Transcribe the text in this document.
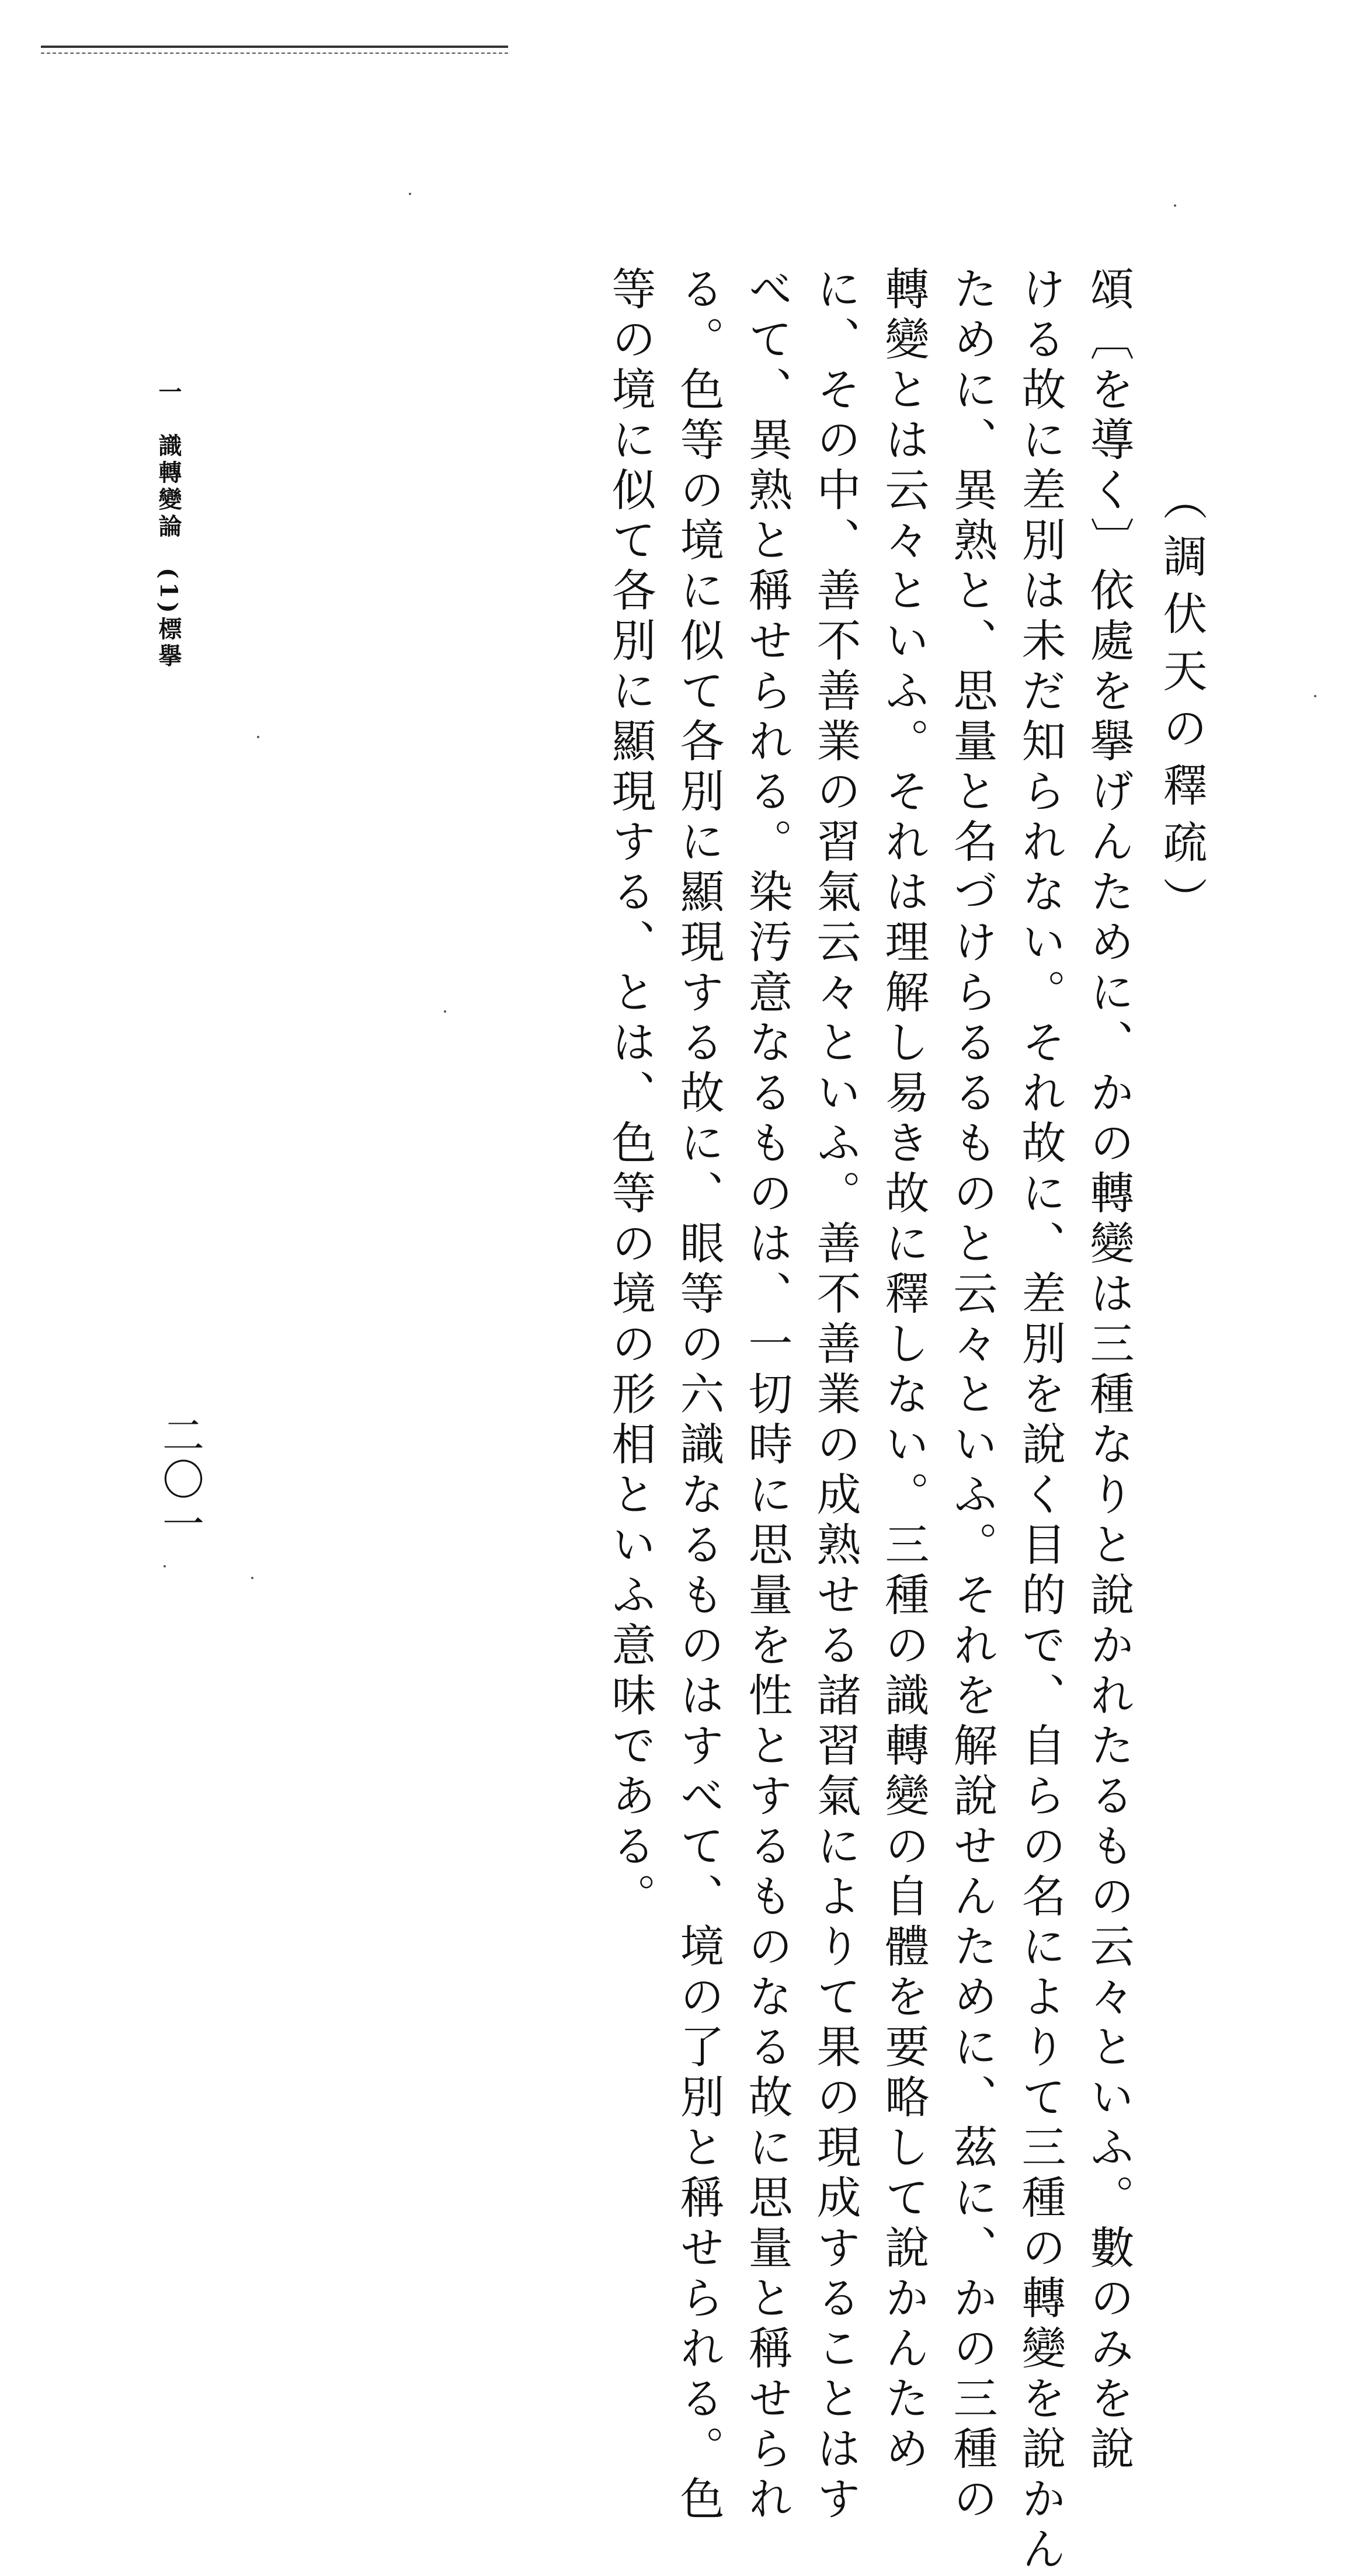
（調伏天の釋疏）
頌〔を導く〕依處を擧げんために、かの轉變は三種なりと說かれたるもの云々といふ。數のみを說
ける故に差別は未だ知られない。それ故に、差別を說く目的で、自らの名によりて三種の轉變を說かん
ために、異熟と、思量と名づけらるるものと云々といふ。それを解說せんために、茲に、かの三種の
轉變とは云々といふ。それは理解し易き故に釋しない。三種の識轉變の自體を要略して說かんため
に、その中、善不善業の習氣云々といふ。善不善業の成熟せる諸習氣によりて果の現成することはす
べて、異熟と稱せられる。染汚意なるものは、一切時に思量を性とするものなる故に思量と稱せられ
る。色等の境に似て各別に顯現する故に、眼等の六識なるものはすべて、境の了別と稱せられる。色
等の境に似て各別に顯現する、とは、色等の境の形相といふ意味である。
一　識轉變論　(1)標擧
二〇一
